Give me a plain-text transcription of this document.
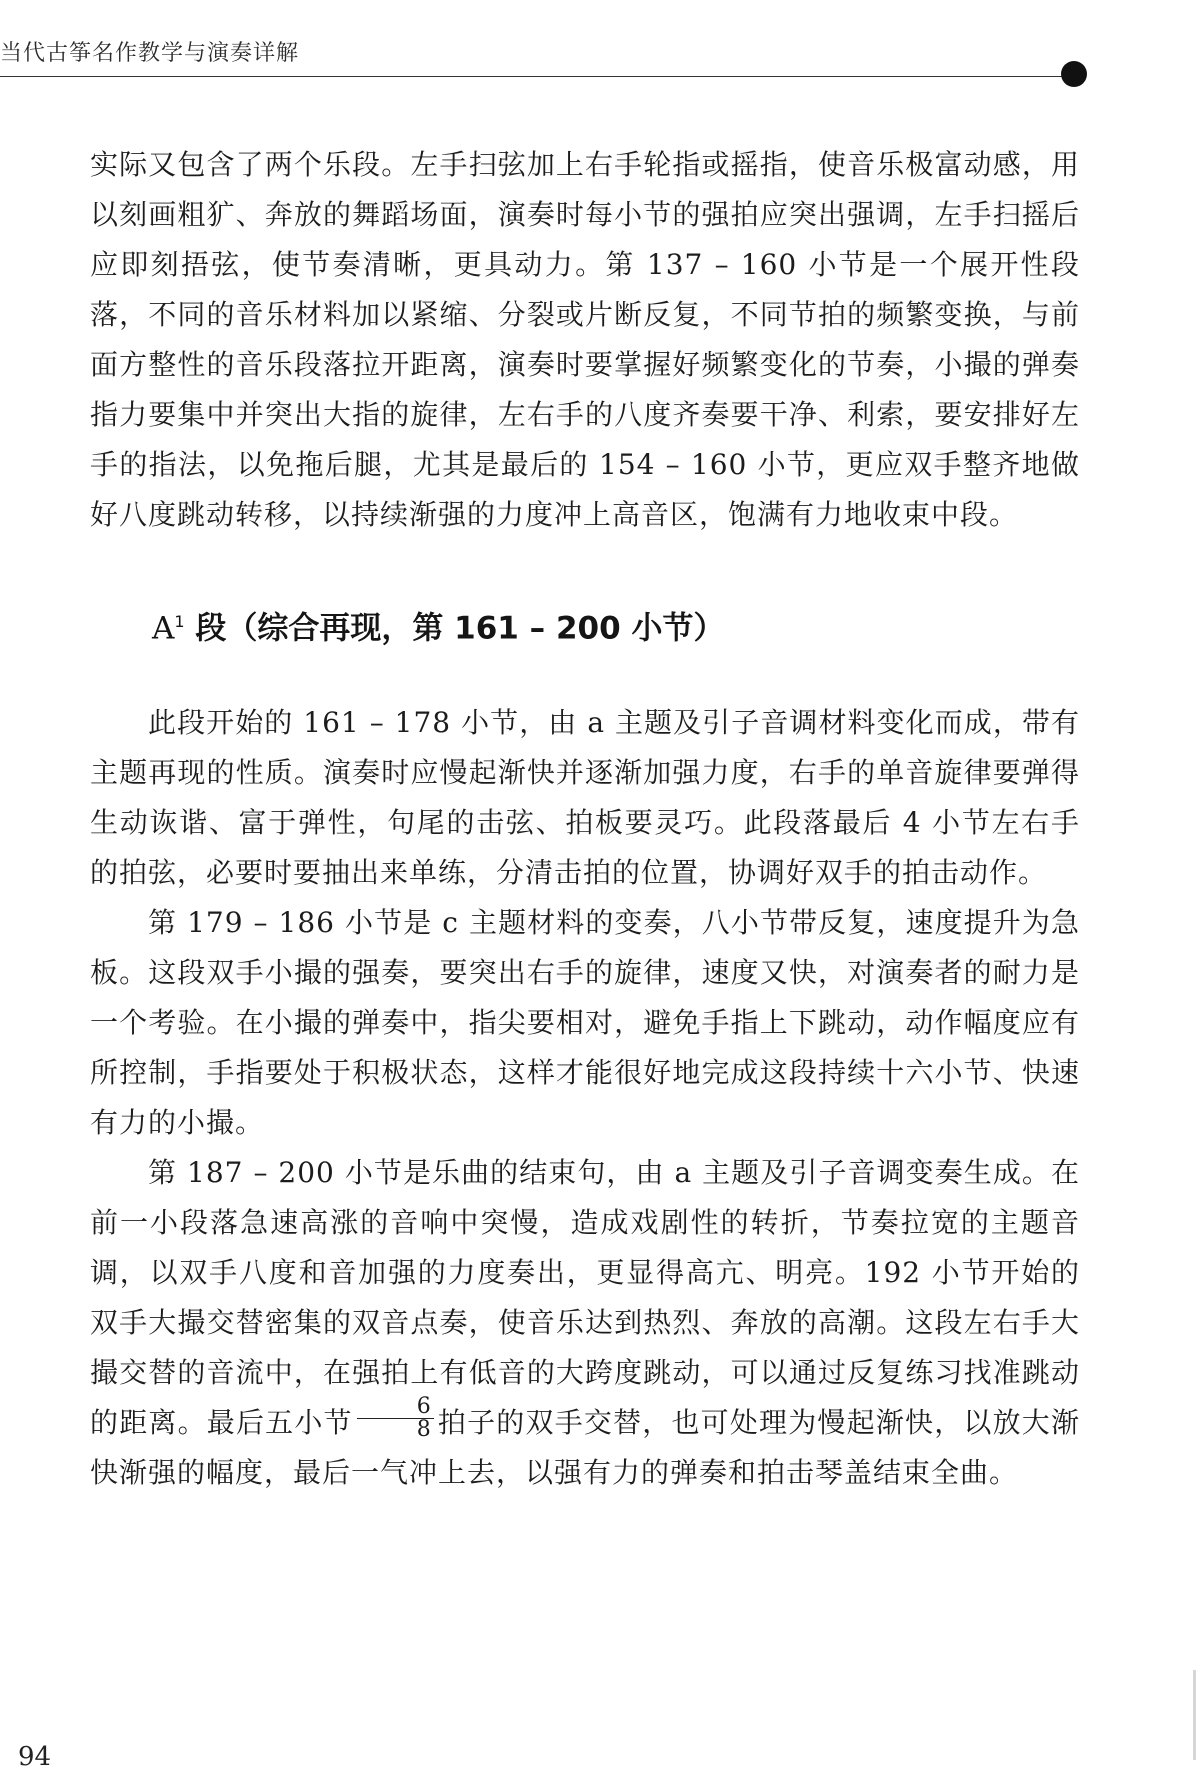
当代古筝名作教学与演奏详解

实际又包含了两个乐段。左手扫弦加上右手轮指或摇指，使音乐极富动感，用以刻画粗犷、奔放的舞蹈场面，演奏时每小节的强拍应突出强调，左手扫摇后应即刻捂弦，使节奏清晰，更具动力。第 137 – 160 小节是一个展开性段落，不同的音乐材料加以紧缩、分裂或片断反复，不同节拍的频繁变换，与前面方整性的音乐段落拉开距离，演奏时要掌握好频繁变化的节奏，小撮的弹奏指力要集中并突出大指的旋律，左右手的八度齐奏要干净、利索，要安排好左手的指法，以免拖后腿，尤其是最后的 154 – 160 小节，更应双手整齐地做好八度跳动转移，以持续渐强的力度冲上高音区，饱满有力地收束中段。

$A^1$ 段（综合再现，第 161 – 200 小节）

此段开始的 161 – 178 小节，由 a 主题及引子音调材料变化而成，带有主题再现的性质。演奏时应慢起渐快并逐渐加强力度，右手的单音旋律要弹得生动诙谐、富于弹性，句尾的击弦、拍板要灵巧。此段落最后 4 小节左右手的拍弦，必要时要抽出来单练，分清击拍的位置，协调好双手的拍击动作。

第 179 – 186 小节是 c 主题材料的变奏，八小节带反复，速度提升为急板。这段双手小撮的强奏，要突出右手的旋律，速度又快，对演奏者的耐力是一个考验。在小撮的弹奏中，指尖要相对，避免手指上下跳动，动作幅度应有所控制，手指要处于积极状态，这样才能很好地完成这段持续十六小节、快速有力的小撮。

第 187 – 200 小节是乐曲的结束句，由 a 主题及引子音调变奏生成。在前一小段落急速高涨的音响中突慢，造成戏剧性的转折，节奏拉宽的主题音调，以双手八度和音加强的力度奏出，更显得高亢、明亮。192 小节开始的双手大撮交替密集的双音点奏，使音乐达到热烈、奔放的高潮。这段左右手大撮交替的音流中，在强拍上有低音的大跨度跳动，可以通过反复练习找准跳动的距离。最后五小节 $\frac{6}{8}$ 拍子的双手交替，也可处理为慢起渐快，以放大渐快渐强的幅度，最后一气冲上去，以强有力的弹奏和拍击琴盖结束全曲。

94
